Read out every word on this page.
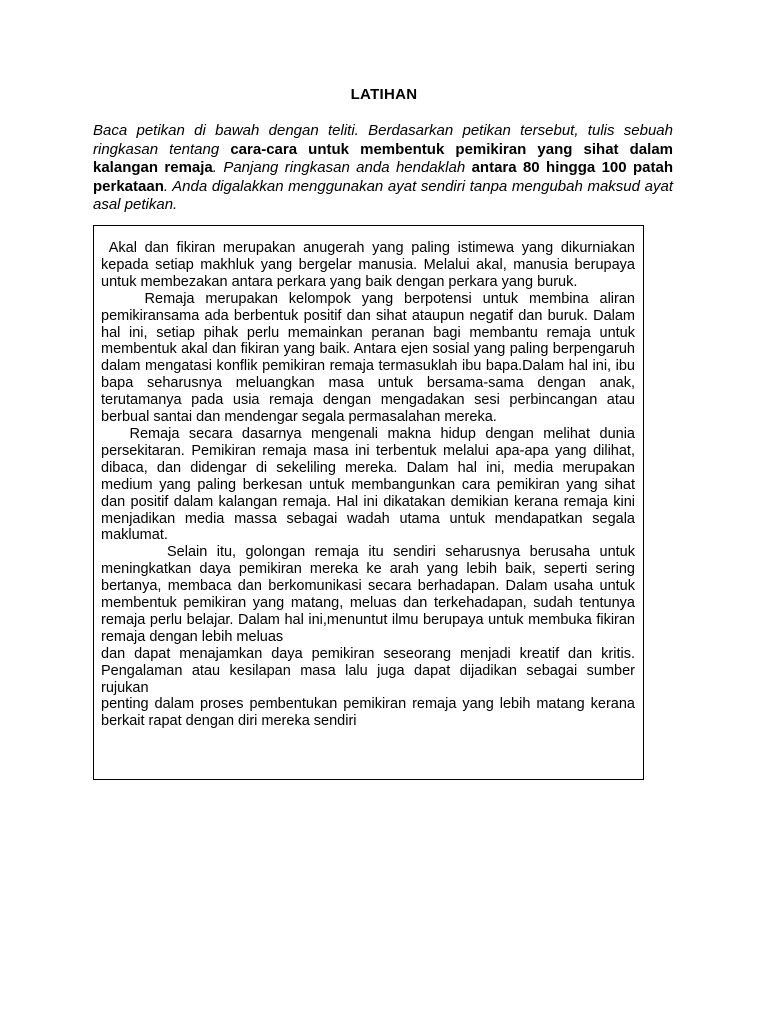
LATIHAN
Baca petikan di bawah dengan teliti. Berdasarkan petikan tersebut, tulis sebuah ringkasan tentang cara-cara untuk membentuk pemikiran yang sihat dalam kalangan remaja. Panjang ringkasan anda hendaklah antara 80 hingga 100 patah perkataan. Anda digalakkan menggunakan ayat sendiri tanpa mengubah maksud ayat asal petikan.

Akal dan fikiran merupakan anugerah yang paling istimewa yang dikurniakan kepada setiap makhluk yang bergelar manusia. Melalui akal, manusia berupaya untuk membezakan antara perkara yang baik dengan perkara yang buruk.

Remaja merupakan kelompok yang berpotensi untuk membina aliran pemikiransama ada berbentuk positif dan sihat ataupun negatif dan buruk. Dalam hal ini, setiap pihak perlu memainkan peranan bagi membantu remaja untuk membentuk akal dan fikiran yang baik. Antara ejen sosial yang paling berpengaruh dalam mengatasi konflik pemikiran remaja termasuklah ibu bapa.Dalam hal ini, ibu bapa seharusnya meluangkan masa untuk bersama-sama dengan anak, terutamanya pada usia remaja dengan mengadakan sesi perbincangan atau berbual santai dan mendengar segala permasalahan mereka.

Remaja secara dasarnya mengenali makna hidup dengan melihat dunia persekitaran. Pemikiran remaja masa ini terbentuk melalui apa-apa yang dilihat, dibaca, dan didengar di sekeliling mereka. Dalam hal ini, media merupakan medium yang paling berkesan untuk membangunkan cara pemikiran yang sihat dan positif dalam kalangan remaja. Hal ini dikatakan demikian kerana remaja kini menjadikan media massa sebagai wadah utama untuk mendapatkan segala maklumat.

Selain itu, golongan remaja itu sendiri seharusnya berusaha untuk meningkatkan daya pemikiran mereka ke arah yang lebih baik, seperti sering bertanya, membaca dan berkomunikasi secara berhadapan. Dalam usaha untuk membentuk pemikiran yang matang, meluas dan terkehadapan, sudah tentunya remaja perlu belajar. Dalam hal ini,menuntut ilmu berupaya untuk membuka fikiran remaja dengan lebih meluas

dan dapat menajamkan daya pemikiran seseorang menjadi kreatif dan kritis. Pengalaman atau kesilapan masa lalu juga dapat dijadikan sebagai sumber rujukan

penting dalam proses pembentukan pemikiran remaja yang lebih matang kerana berkait rapat dengan diri mereka sendiri
